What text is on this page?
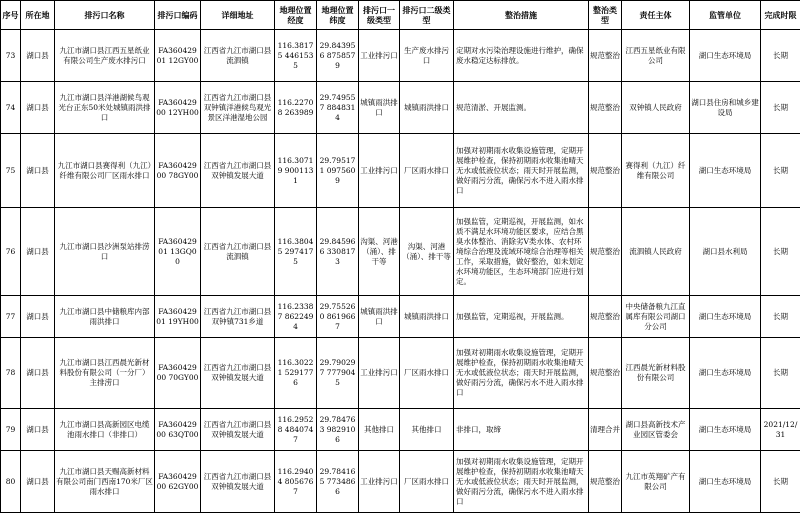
序号	所在地	排污口名称	排污口编码	详细地址	地理位置经度	地理位置纬度	排污口一级类型	排污口二级类型	整治措施	整治类型	责任主体	监管单位	完成时限
73	湖口县	九江市湖口县江西五星纸业有限公司生产废水排污口	FA36042901 12GY00	江西省九江市湖口县流泗镇	116.38175 4461535	29.843956 8758579	工业排污口	生产废水排污口	定期对水污染治理设施进行维护，确保废水稳定达标排放。	规范整治	江西五星纸业有限公司	湖口生态环境局	长期
74	湖口县	九江市湖口县洋港湖候鸟观光台正东50米处城镇雨洪排口	FA36042900 12YH00	江西省九江市湖口县双钟镇洋港候鸟观光景区洋港湿地公园	116.22708 263989	29.749557 8848314	城镇雨洪排口	城镇雨洪排口	规范清淤、开展监测。	规范整治	双钟镇人民政府	湖口县住房和城乡建设局	长期
75	湖口县	九江市湖口县赛得利（九江）纤维有限公司厂区雨水排口	FA36042900 78GY00	江西省九江市湖口县双钟镇发展大道	116.30719 9001131	29.795171 0975609	工业排污口	厂区雨水排口	加强对初期雨水收集设施管理，定期开展维护检查，保持初期雨水收集池晴天无水或低液位状态；雨天时开展监测，做好雨污分流，确保污水不进入雨水排口	规范整治	赛得利（九江）纤维有限公司	湖口生态环境局	长期
76	湖口县	九江市湖口县沙洲泵站排涝口	FA36042901 13GQ00	江西省九江市湖口县流泗镇	116.38045 2974175	29.845966 3308173	沟渠、河港（涌）、排干等	沟渠、河港（涌）、排干等	加强监管，定期巡视，开展监测，如水质不满足水环境功能区要求，应结合黑臭水体整治、消除劣Ⅴ类水体、农村环境综合治理及流域环境综合治理等相关工作，采取措施，做好整治，如未划定水环境功能区，生态环境部门应进行划定。	规范整治	流泗镇人民政府	湖口县水利局	长期
77	湖口县	九江市湖口县中储粮库内部雨洪排口	FA36042901 19YH00	江西省九江市湖口县双钟镇731乡道	116.23387 8622494	29.755260 8619667	城镇雨洪排口	城镇雨洪排口	加强监管，定期巡视，开展监测。	规范整治	中央储备粮九江直属库有限公司湖口分公司	湖口生态环境局	长期
78	湖口县	九江市湖口县江西晨光新材料股份有限公司（一分厂）主排涝口	FA36042900 70GY00	江西省九江市湖口县双钟镇发展大道	116.30221 5291776	29.790297 7779045	工业排污口	厂区雨水排口	加强对初期雨水收集设施管理，定期开展维护检查，保持初期雨水收集池晴天无水或低液位状态；雨天时开展监测，做好雨污分流，确保污水不进入雨水排口	规范整治	江西晨光新材料股份有限公司	湖口生态环境局	长期
79	湖口县	九江市湖口县高新园区电缆池雨水排口（非排口）	FA36042900 63QT00	江西省九江市湖口县双钟镇发展大道	116.29528 4840747	29.784763 9829106	其他排口	其他排口	非排口，取缔	清理合并	湖口县高新技术产业园区管委会	湖口生态环境局	2021/12/31
80	湖口县	九江市湖口县天赐高新材料有限公司南门西南170米厂区雨水排口	FA36042900 62GY00	江西省九江市湖口县双钟镇发展大道	116.29404 8056767	29.784165 7734866	工业排污口	厂区雨水排口	加强对初期雨水收集设施管理，定期开展维护检查，保持初期雨水收集池晴天无水或低液位状态；雨天时开展监测，做好雨污分流，确保污水不进入雨水排口	规范整治	九江市英翔矿产有限公司	湖口生态环境局	长期
